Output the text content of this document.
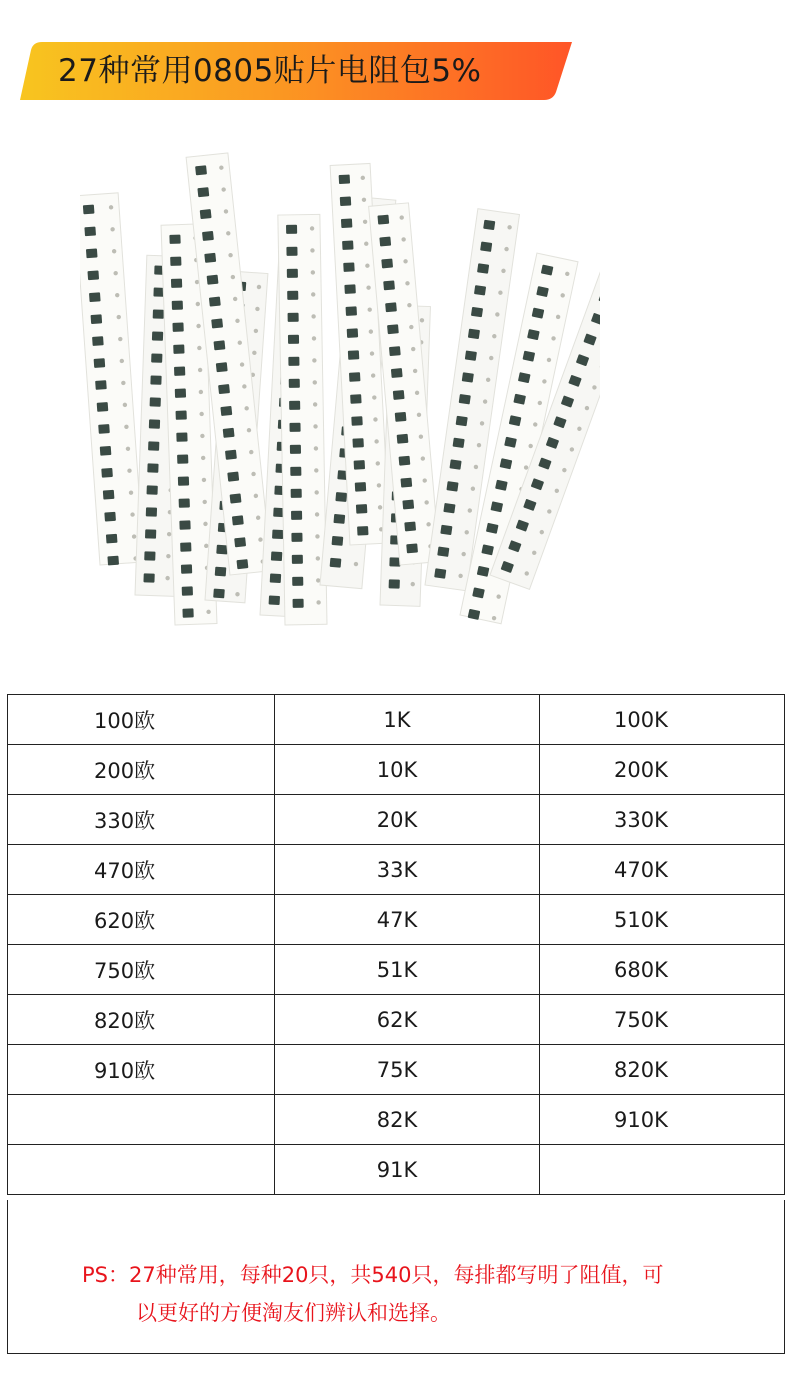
27种常用0805贴片电阻包5%
100欧	1K	100K
200欧	10K	200K
330欧	20K	330K
470欧	33K	470K
620欧	47K	510K
750欧	51K	680K
820欧	62K	750K
910欧	75K	820K
	82K	910K
	91K	
PS：27种常用，每种20只，共540只，每排都写明了阻值，可
以更好的方便淘友们辨认和选择。
